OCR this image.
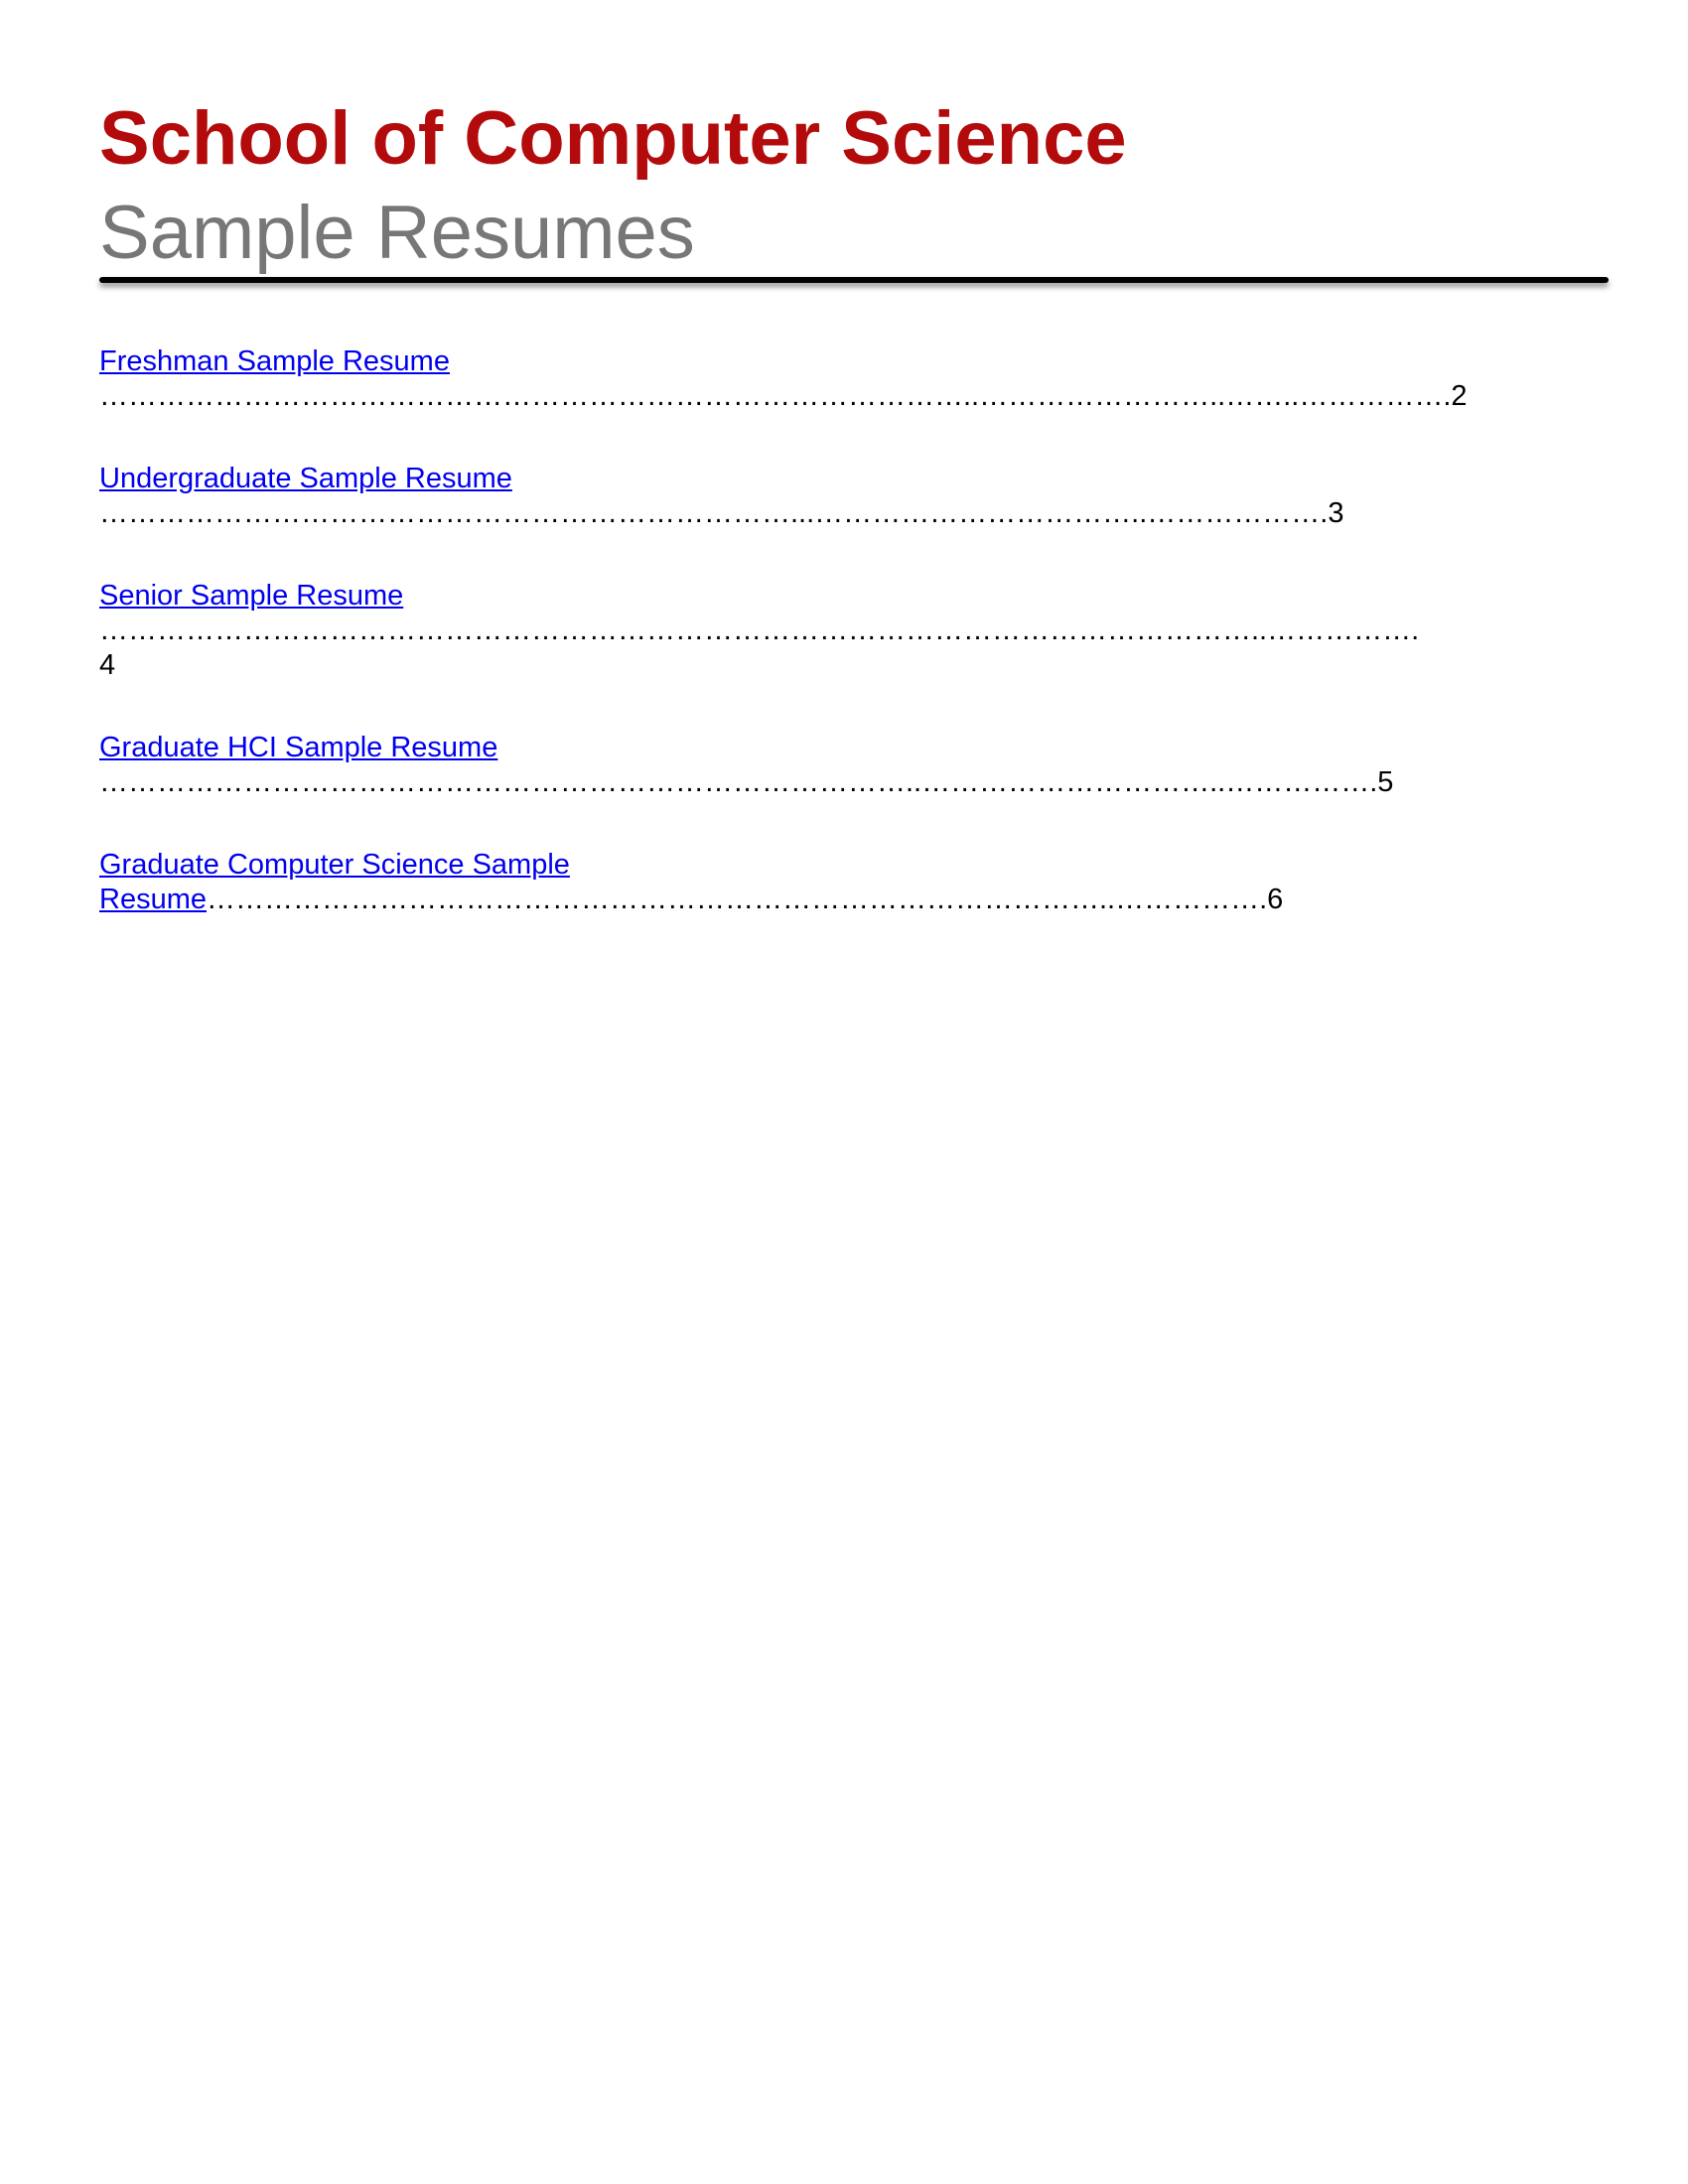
School of Computer Science
Sample Resumes
Freshman Sample Resume
………………………………………………………………………………..……………………..……..…………….2
Undergraduate Sample Resume
………………………………………………………………...……………………………..……………….3
Senior Sample Resume
…………………………………………………………………………………………………………..…………….
4
Graduate HCI Sample Resume
…………………………………………………………………………..…………………………..…………….5
Graduate Computer Science Sample
Resume…………………………………………………………………………………..…………….6
